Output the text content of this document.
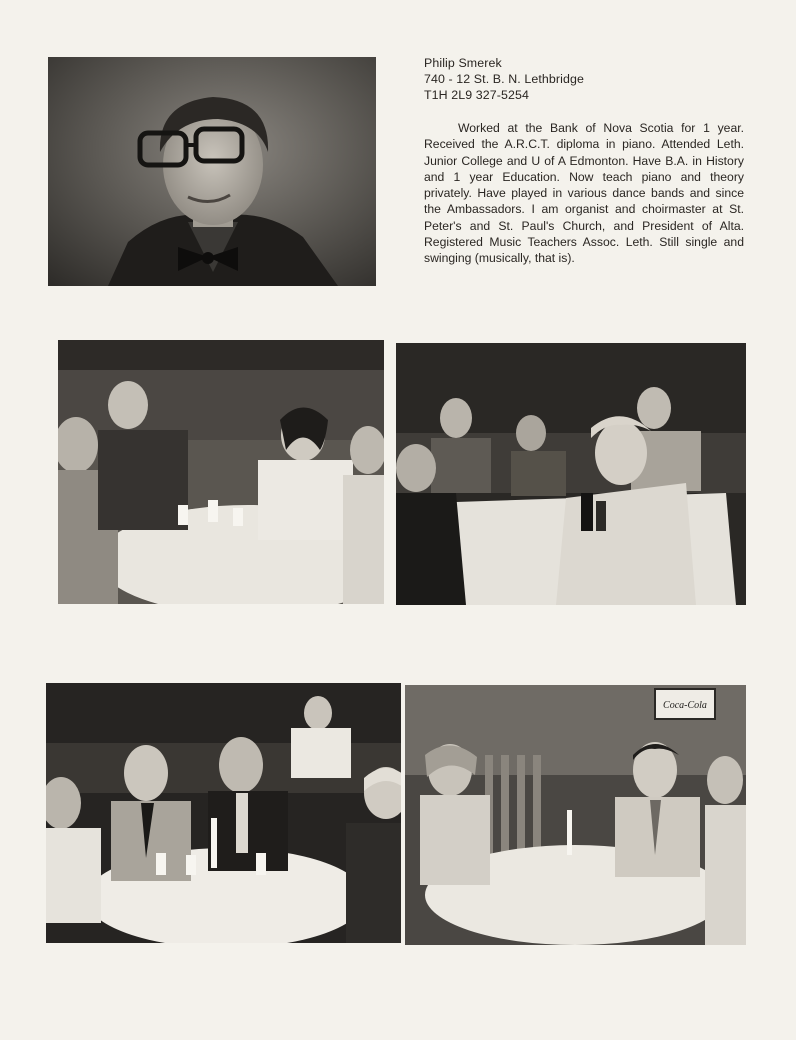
Philip Smerek
740 - 12 St. B. N. Lethbridge
T1H 2L9 327-5254

Worked at the Bank of Nova Scotia for 1 year. Received the A.R.C.T. diploma in piano. Attended Leth. Junior College and U of A Edmonton. Have B.A. in History and 1 year Education. Now teach piano and theory privately. Have played in various dance bands and since the Ambassadors. I am organist and choirmaster at St. Peter's and St. Paul's Church, and President of Alta. Registered Music Teachers Assoc. Leth. Still single and swinging (musically, that is).

Coca-Cola
